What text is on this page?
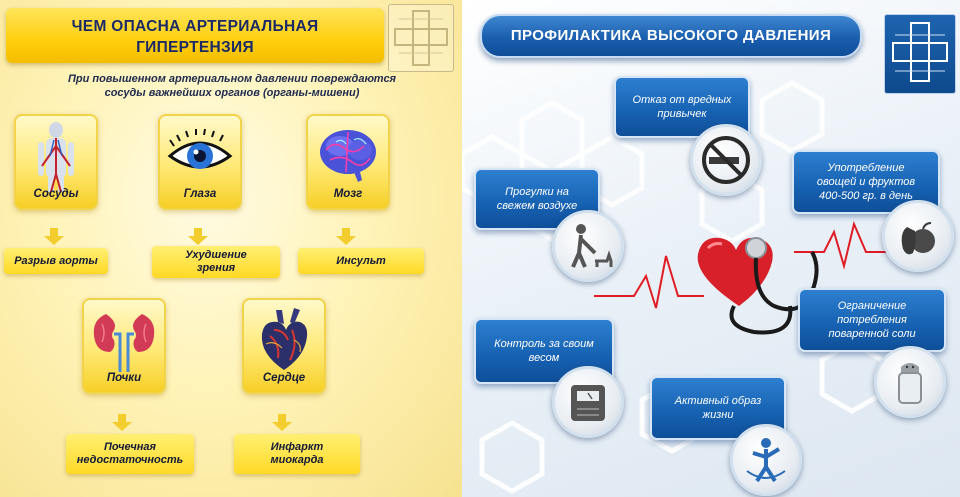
ЧЕМ ОПАСНА АРТЕРИАЛЬНАЯ
ГИПЕРТЕНЗИЯ
При повышенном артериальном давлении повреждаются
сосуды важнейших органов (органы-мишени)
Сосуды	Глаза	Мозг
Почки	Сердце
Разрыв аорты	Ухудшение
зрения
Инсульт
Почечная
недостаточность
Инфаркт
миокарда
ПРОФИЛАКТИКА ВЫСОКОГО ДАВЛЕНИЯ
Отказ от вредных
привычек
Прогулки на
свежем воздухе
Употребление
овощей и фруктов
400-500 гр. в день
Ограничение
потребления
поваренной соли
Контроль за своим
весом
Активный образ
жизни
